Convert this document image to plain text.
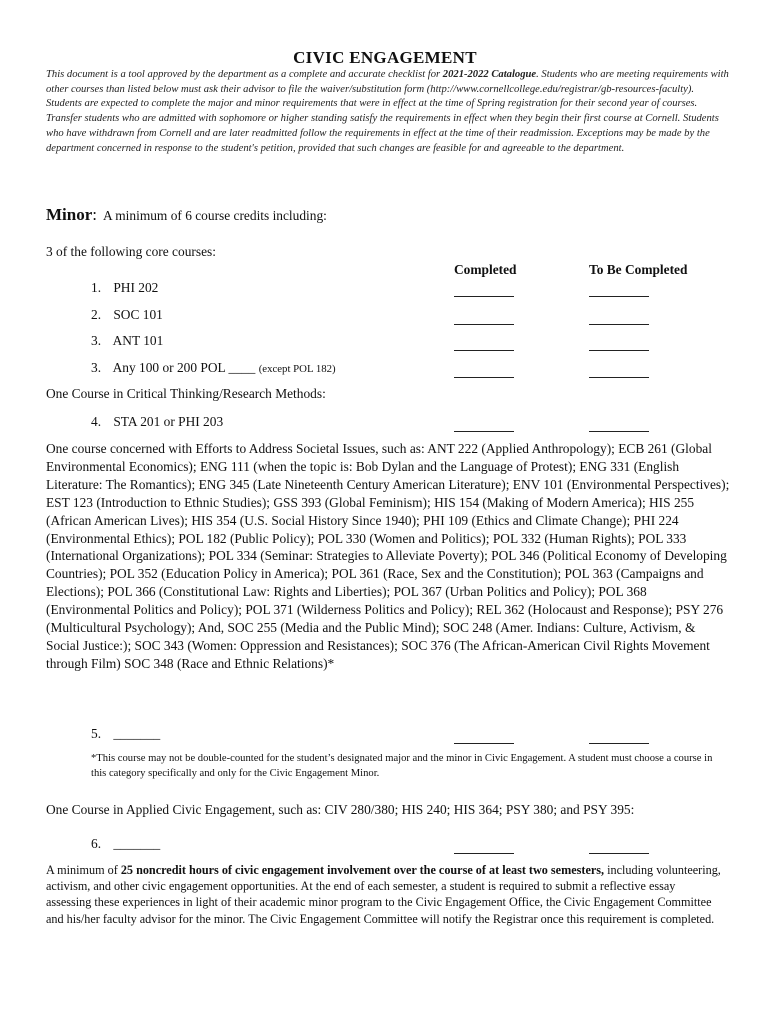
CIVIC ENGAGEMENT
This document is a tool approved by the department as a complete and accurate checklist for 2021-2022 Catalogue. Students who are meeting requirements with other courses than listed below must ask their advisor to file the waiver/substitution form (http://www.cornellcollege.edu/registrar/gb-resources-faculty). Students are expected to complete the major and minor requirements that were in effect at the time of Spring registration for their second year of courses. Transfer students who are admitted with sophomore or higher standing satisfy the requirements in effect when they begin their first course at Cornell. Students who have withdrawn from Cornell and are later readmitted follow the requirements in effect at the time of their readmission. Exceptions may be made by the department concerned in response to the student's petition, provided that such changes are feasible for and agreeable to the department.
Minor: A minimum of 6 course credits including:
3 of the following core courses:
Completed	To Be Completed
1. PHI 202
2. SOC 101
3. ANT 101
3. Any 100 or 200 POL ____ (except POL 182)
One Course in Critical Thinking/Research Methods:
4. STA 201 or PHI 203
One course concerned with Efforts to Address Societal Issues, such as: ANT 222 (Applied Anthropology); ECB 261 (Global Environmental Economics); ENG 111 (when the topic is: Bob Dylan and the Language of Protest); ENG 331 (English Literature: The Romantics); ENG 345 (Late Nineteenth Century American Literature); ENV 101 (Environmental Perspectives); EST 123 (Introduction to Ethnic Studies); GSS 393 (Global Feminism); HIS 154 (Making of Modern America); HIS 255 (African American Lives); HIS 354 (U.S. Social History Since 1940); PHI 109 (Ethics and Climate Change); PHI 224 (Environmental Ethics); POL 182 (Public Policy); POL 330 (Women and Politics); POL 332 (Human Rights); POL 333 (International Organizations); POL 334 (Seminar: Strategies to Alleviate Poverty); POL 346 (Political Economy of Developing Countries); POL 352 (Education Policy in America); POL 361 (Race, Sex and the Constitution); POL 363 (Campaigns and Elections); POL 366 (Constitutional Law: Rights and Liberties); POL 367 (Urban Politics and Policy); POL 368 (Environmental Politics and Policy); POL 371 (Wilderness Politics and Policy); REL 362 (Holocaust and Response); PSY 276 (Multicultural Psychology); And, SOC 255 (Media and the Public Mind); SOC 248 (Amer. Indians: Culture, Activism, & Social Justice:); SOC 343 (Women: Oppression and Resistances); SOC 376 (The African-American Civil Rights Movement through Film) SOC 348 (Race and Ethnic Relations)*
5. _______
*This course may not be double-counted for the student’s designated major and the minor in Civic Engagement. A student must choose a course in this category specifically and only for the Civic Engagement Minor.
One Course in Applied Civic Engagement, such as: CIV 280/380; HIS 240; HIS 364; PSY 380; and PSY 395:
6. _______
A minimum of 25 noncredit hours of civic engagement involvement over the course of at least two semesters, including volunteering, activism, and other civic engagement opportunities. At the end of each semester, a student is required to submit a reflective essay assessing these experiences in light of their academic minor program to the Civic Engagement Office, the Civic Engagement Committee and his/her faculty advisor for the minor. The Civic Engagement Committee will notify the Registrar once this requirement is completed.
